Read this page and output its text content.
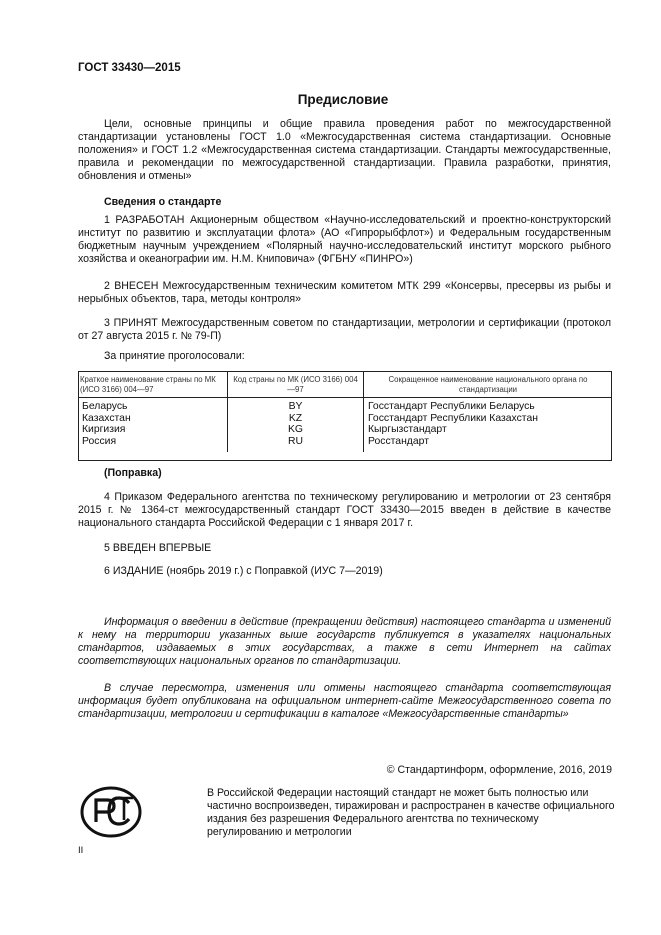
ГОСТ 33430—2015
Предисловие

Цели, основные принципы и общие правила проведения работ по межгосударственной стандартизации установлены ГОСТ 1.0 «Межгосударственная система стандартизации. Основные положения» и ГОСТ 1.2 «Межгосударственная система стандартизации. Стандарты межгосударственные, правила и рекомендации по межгосударственной стандартизации. Правила разработки, принятия, обновления и отмены»

Сведения о стандарте

1 РАЗРАБОТАН Акционерным обществом «Научно-исследовательский и проектно-конструкторский институт по развитию и эксплуатации флота» (АО «Гипрорыбфлот») и Федеральным государственным бюджетным научным учреждением «Полярный научно-исследовательский институт морского рыбного хозяйства и океанографии им. Н.М. Книповича» (ФГБНУ «ПИНРО»)

2 ВНЕСЕН Межгосударственным техническим комитетом МТК 299 «Консервы, пресервы из рыбы и нерыбных объектов, тара, методы контроля»

3 ПРИНЯТ Межгосударственным советом по стандартизации, метрологии и сертификации (протокол от 27 августа 2015 г. № 79-П)

За принятие проголосовали:
Краткое наименование страны по МК (ИСО 3166) 004—97	Код страны по МК (ИСО 3166) 004—97	Сокращенное наименование национального органа по стандартизации
Беларусь	BY	Госстандарт Республики Беларусь
Казахстан	KZ	Госстандарт Республики Казахстан
Киргизия	KG	Кыргызстандарт
Россия	RU	Росстандарт
(Поправка)

4 Приказом Федерального агентства по техническому регулированию и метрологии от 23 сентября 2015 г. № 1364-ст межгосударственный стандарт ГОСТ 33430—2015 введен в действие в качестве национального стандарта Российской Федерации с 1 января 2017 г.

5 ВВЕДЕН ВПЕРВЫЕ
6 ИЗДАНИЕ (ноябрь 2019 г.) с Поправкой (ИУС 7—2019)

Информация о введении в действие (прекращении действия) настоящего стандарта и изменений к нему на территории указанных выше государств публикуется в указателях национальных стандартов, издаваемых в этих государствах, а также в сети Интернет на сайтах соответствующих национальных органов по стандартизации.

В случае пересмотра, изменения или отмены настоящего стандарта соответствующая информация будет опубликована на официальном интернет-сайте Межгосударственного совета по стандартизации, метрологии и сертификации в каталоге «Межгосударственные стандарты»

© Стандартинформ, оформление, 2016, 2019

В Российской Федерации настоящий стандарт не может быть полностью или частично воспроизведен, тиражирован и распространен в качестве официального издания без разрешения Федерального агентства по техническому регулированию и метрологии

II
